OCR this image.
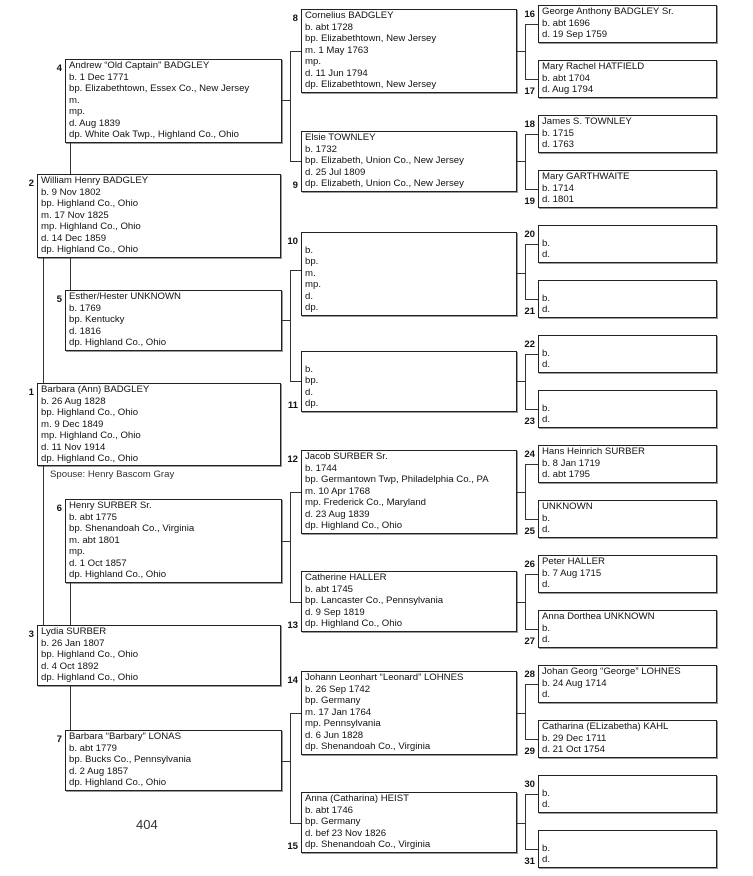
Barbara (Ann) BADGLEY
b. 26 Aug 1828
bp. Highland Co., Ohio
m. 9 Dec 1849
mp. Highland Co., Ohio
d. 11 Nov 1914
dp. Highland Co., Ohio
1
William Henry BADGLEY
b. 9 Nov 1802
bp. Highland Co., Ohio
m. 17 Nov 1825
mp. Highland Co., Ohio
d. 14 Dec 1859
dp. Highland Co., Ohio
2
Lydia SURBER
b. 26 Jan 1807
bp. Highland Co., Ohio
d. 4 Oct 1892
dp. Highland Co., Ohio
3
Andrew “Old Captain” BADGLEY
b. 1 Dec 1771
bp. Elizabethtown, Essex Co., New Jersey
m.
mp.
d. Aug 1839
dp. White Oak Twp., Highland Co., Ohio
4
Esther/Hester UNKNOWN
b. 1769
bp. Kentucky
d. 1816
dp. Highland Co., Ohio
5
Henry SURBER Sr.
b. abt 1775
bp. Shenandoah Co., Virginia
m. abt 1801
mp.
d. 1 Oct 1857
dp. Highland Co., Ohio
6
Barbara “Barbary” LONAS
b. abt 1779
bp. Bucks Co., Pennsylvania
d. 2 Aug 1857
dp. Highland Co., Ohio
7
Cornelius BADGLEY
b. abt 1728
bp. Elizabethtown, New Jersey
m. 1 May 1763
mp.
d. 11 Jun 1794
dp. Elizabethtown, New Jersey
8
Elsie TOWNLEY
b. 1732
bp. Elizabeth, Union Co., New Jersey
d. 25 Jul 1809
dp. Elizabeth, Union Co., New Jersey
9

b.
bp.
m.
mp.
d.
dp.
10

b.
bp.
d.
dp.
11
Jacob SURBER Sr.
b. 1744
bp. Germantown Twp, Philadelphia Co., PA
m. 10 Apr 1768
mp. Frederick Co., Maryland
d. 23 Aug 1839
dp. Highland Co., Ohio
12
Catherine HALLER
b. abt 1745
bp. Lancaster Co., Pennsylvania
d. 9 Sep 1819
dp. Highland Co., Ohio
13
Johann Leonhart “Leonard” LOHNES
b. 26 Sep 1742
bp. Germany
m. 17 Jan 1764
mp. Pennsylvania
d. 6 Jun 1828
dp. Shenandoah Co., Virginia
14
Anna (Catharina) HEIST
b. abt 1746
bp. Germany
d. bef 23 Nov 1826
dp. Shenandoah Co., Virginia
15
George Anthony BADGLEY Sr.
b. abt 1696
d. 19 Sep 1759
16
Mary Rachel HATFIELD
b. abt 1704
d. Aug 1794
17
James S. TOWNLEY
b. 1715
d. 1763
18
Mary GARTHWAITE
b. 1714
d. 1801
19

b.
d.
20

b.
d.
21

b.
d.
22

b.
d.
23
Hans Heinrich SURBER
b. 8 Jan 1719
d. abt 1795
24
UNKNOWN
b.
d.
25
Peter HALLER
b. 7 Aug 1715
d.
26
Anna Dorthea UNKNOWN
b.
d.
27
Johan Georg “George” LOHNES
b. 24 Aug 1714
d.
28
Catharina (ELizabetha) KAHL
b. 29 Dec 1711
d. 21 Oct 1754
29

b.
d.
30

b.
d.
31
Spouse: Henry Bascom Gray
404
